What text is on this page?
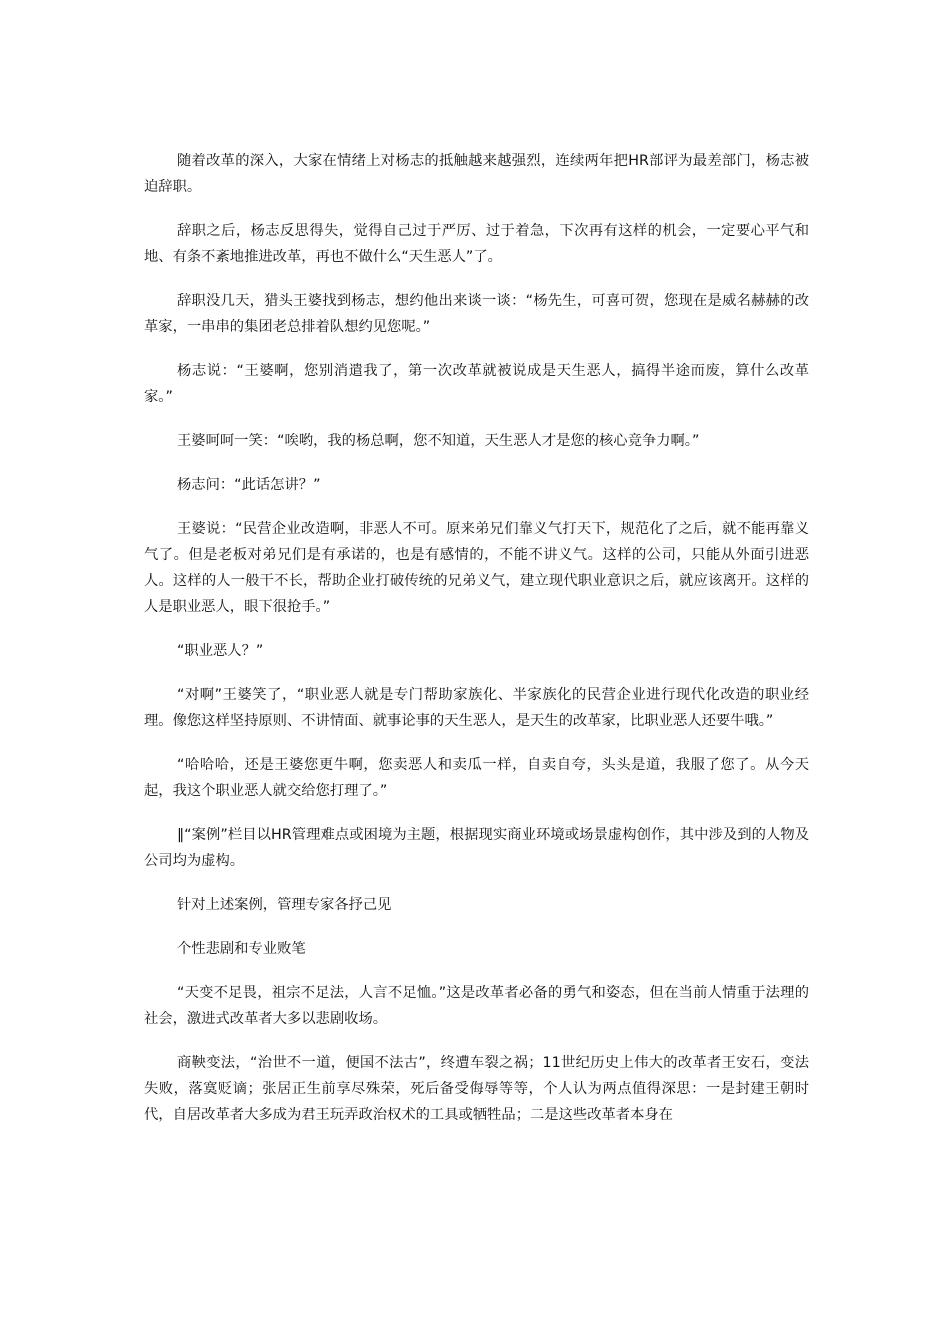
随着改革的深入，大家在情绪上对杨志的抵触越来越强烈，连续两年把HR部评为最差部门，杨志被迫辞职。

辞职之后，杨志反思得失，觉得自己过于严厉、过于着急，下次再有这样的机会，一定要心平气和地、有条不紊地推进改革，再也不做什么“天生恶人”了。

辞职没几天，猎头王婆找到杨志，想约他出来谈一谈：“杨先生，可喜可贺，您现在是威名赫赫的改革家，一串串的集团老总排着队想约见您呢。”

杨志说：“王婆啊，您别消遣我了，第一次改革就被说成是天生恶人，搞得半途而废，算什么改革家。”

王婆呵呵一笑：“唉哟，我的杨总啊，您不知道，天生恶人才是您的核心竞争力啊。”

杨志问：“此话怎讲？”

王婆说：“民营企业改造啊，非恶人不可。原来弟兄们靠义气打天下，规范化了之后，就不能再靠义气了。但是老板对弟兄们是有承诺的，也是有感情的，不能不讲义气。这样的公司，只能从外面引进恶人。这样的人一般干不长，帮助企业打破传统的兄弟义气，建立现代职业意识之后，就应该离开。这样的人是职业恶人，眼下很抢手。”

“职业恶人？”

“对啊”王婆笑了，“职业恶人就是专门帮助家族化、半家族化的民营企业进行现代化改造的职业经理。像您这样坚持原则、不讲情面、就事论事的天生恶人，是天生的改革家，比职业恶人还要牛哦。”

“哈哈哈，还是王婆您更牛啊，您卖恶人和卖瓜一样，自卖自夸，头头是道，我服了您了。从今天起，我这个职业恶人就交给您打理了。”

‖“案例”栏目以HR管理难点或困境为主题，根据现实商业环境或场景虚构创作，其中涉及到的人物及公司均为虚构。

针对上述案例，管理专家各抒己见

个性悲剧和专业败笔

“天变不足畏，祖宗不足法，人言不足恤。”这是改革者必备的勇气和姿态，但在当前人情重于法理的社会，激进式改革者大多以悲剧收场。

商鞅变法，“治世不一道，便国不法古”，终遭车裂之祸；11世纪历史上伟大的改革者王安石，变法失败，落寞贬谪；张居正生前享尽殊荣，死后备受侮辱等等，个人认为两点值得深思：一是封建王朝时代，自居改革者大多成为君王玩弄政治权术的工具或牺牲品；二是这些改革者本身在
